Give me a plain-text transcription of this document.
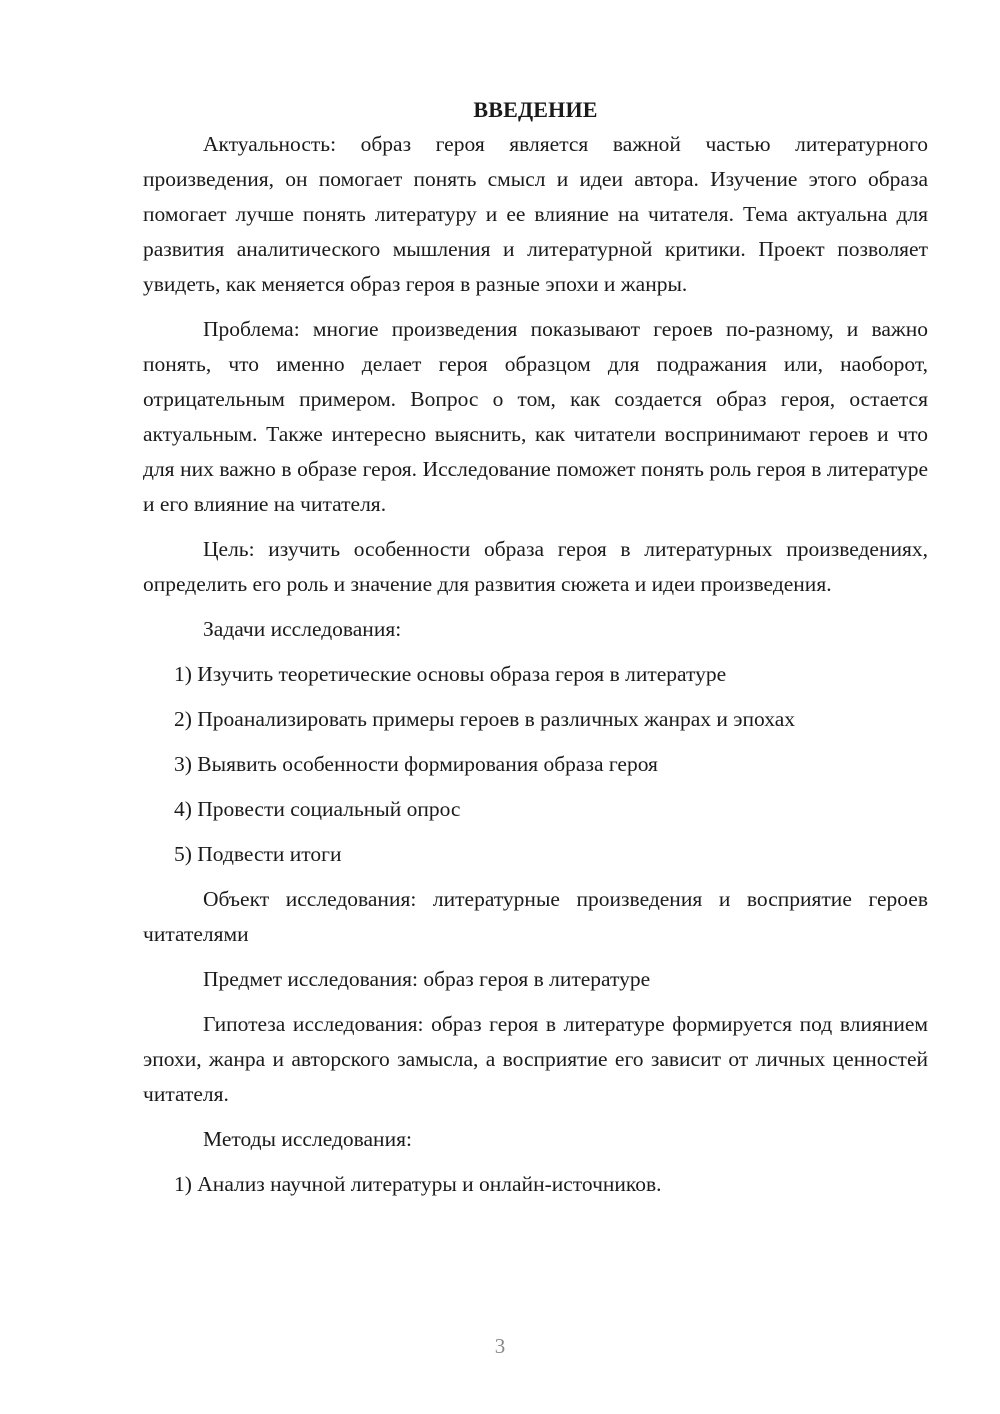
ВВЕДЕНИЕ

Актуальность: образ героя является важной частью литературного произведения, он помогает понять смысл и идеи автора. Изучение этого образа помогает лучше понять литературу и ее влияние на читателя. Тема актуальна для развития аналитического мышления и литературной критики. Проект позволяет увидеть, как меняется образ героя в разные эпохи и жанры.

Проблема: многие произведения показывают героев по-разному, и важно понять, что именно делает героя образцом для подражания или, наоборот, отрицательным примером. Вопрос о том, как создается образ героя, остается актуальным. Также интересно выяснить, как читатели воспринимают героев и что для них важно в образе героя. Исследование поможет понять роль героя в литературе и его влияние на читателя.

Цель: изучить особенности образа героя в литературных произведениях, определить его роль и значение для развития сюжета и идеи произведения.

Задачи исследования:

1) Изучить теоретические основы образа героя в литературе
2) Проанализировать примеры героев в различных жанрах и эпохах
3) Выявить особенности формирования образа героя
4) Провести социальный опрос
5) Подвести итоги

Объект исследования: литературные произведения и восприятие героев читателями

Предмет исследования: образ героя в литературе

Гипотеза исследования: образ героя в литературе формируется под влиянием эпохи, жанра и авторского замысла, а восприятие его зависит от личных ценностей читателя.

Методы исследования:

1) Анализ научной литературы и онлайн-источников.
3
